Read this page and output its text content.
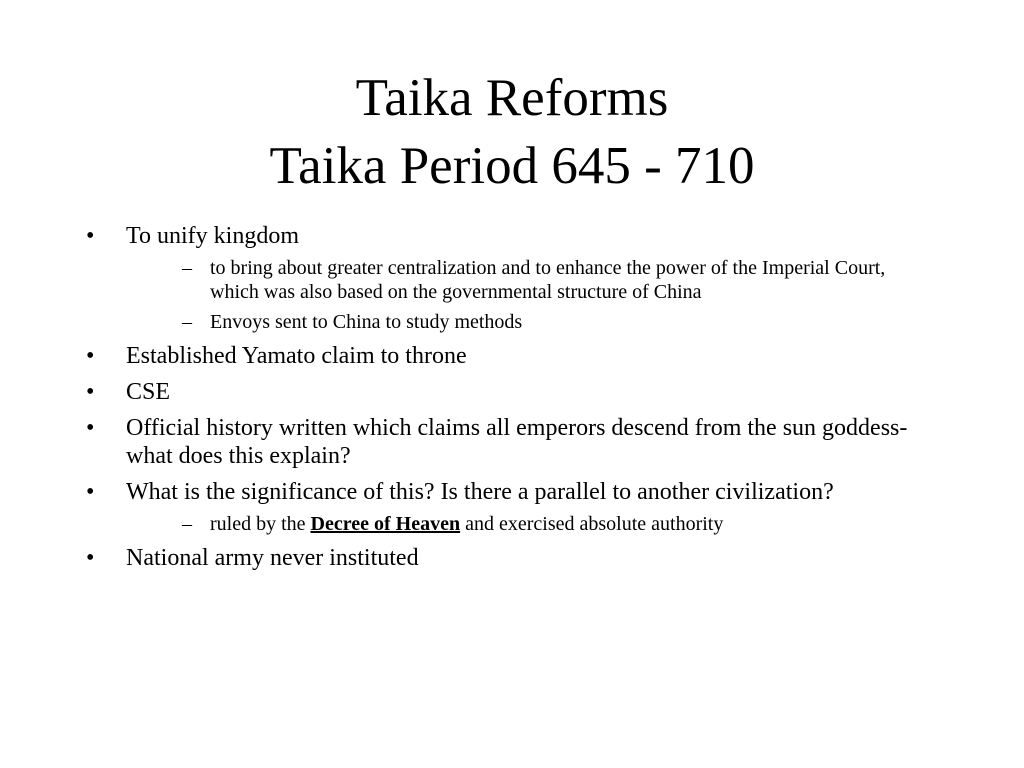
Taika Reforms
Taika Period 645 - 710
•	To unify kingdom
– to bring about greater centralization and to enhance the power of the Imperial Court, which was also based on the governmental structure of China
– Envoys sent to China to study methods
•	Established Yamato claim to throne
•	CSE
•	Official history written which claims all emperors descend from the sun goddess- what does this explain?
•	What is the significance of this? Is there a parallel to another civilization?
– ruled by the Decree of Heaven and exercised absolute authority
•	National army never instituted
